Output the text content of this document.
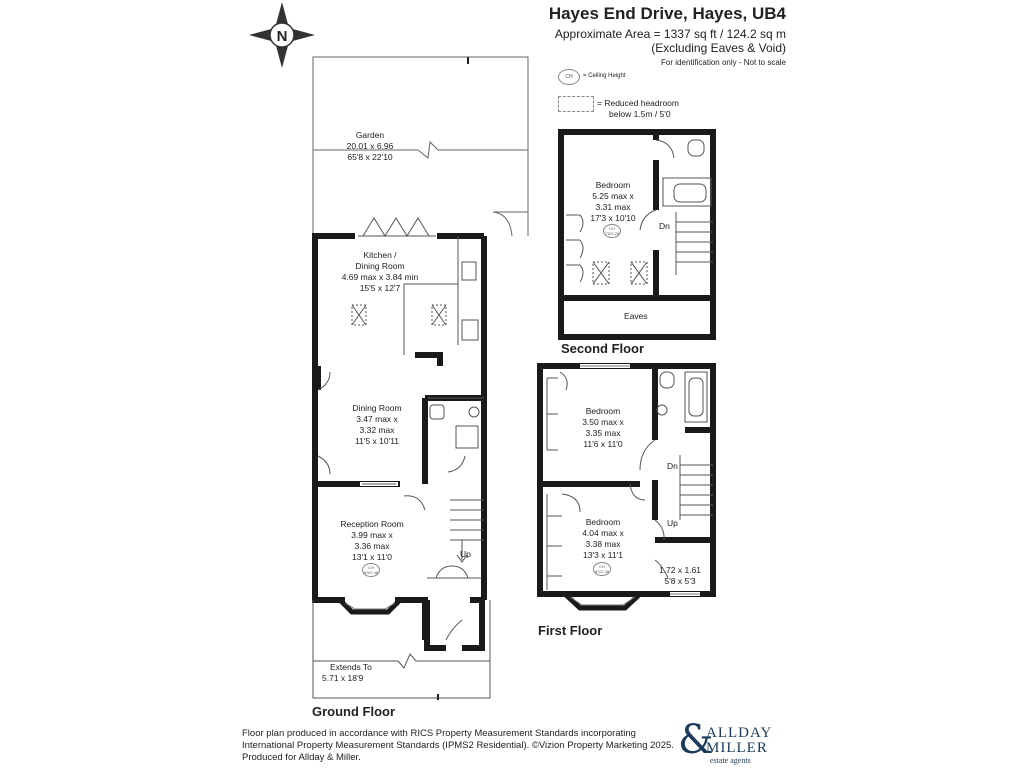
Hayes End Drive, Hayes, UB4
Approximate Area = 1337 sq ft / 124.2 sq m
(Excluding Eaves & Void)
For identification only - Not to scale
CH	= Ceiling Height
= Reduced headroom
below 1.5m / 5'0
N
Ground Floor
First Floor
Second Floor
Garden
20.01 x 6.96
65'8 x 22'10
Kitchen /
Dining Room
4.69 max x 3.84 min
15'5 x 12'7
Dining Room
3.47 max x
3.32 max
11'5 x 10'11
Reception Room
3.99 max x
3.36 max
13'1 x 11'0
CH
8'0/2.46
Up
Extends To
5.71 x 18'9
Bedroom
5.25 max x
3.31 max
17'3 x 10'10
CH
7'5/2.20
Dn
Eaves
Bedroom
3.50 max x
3.35 max
11'6 x 11'0
Bedroom
4.04 max x
3.38 max
13'3 x 11'1
CH
8'1/2.46
Dn
Up
1.72 x 1.61
5'8 x 5'3
Floor plan produced in accordance with RICS Property Measurement Standards incorporating
International Property Measurement Standards (IPMS2 Residential). ©Vizion Property Marketing 2025.
Produced for Allday & Miller.	&
ALLDAY
MILLER
estate agents
